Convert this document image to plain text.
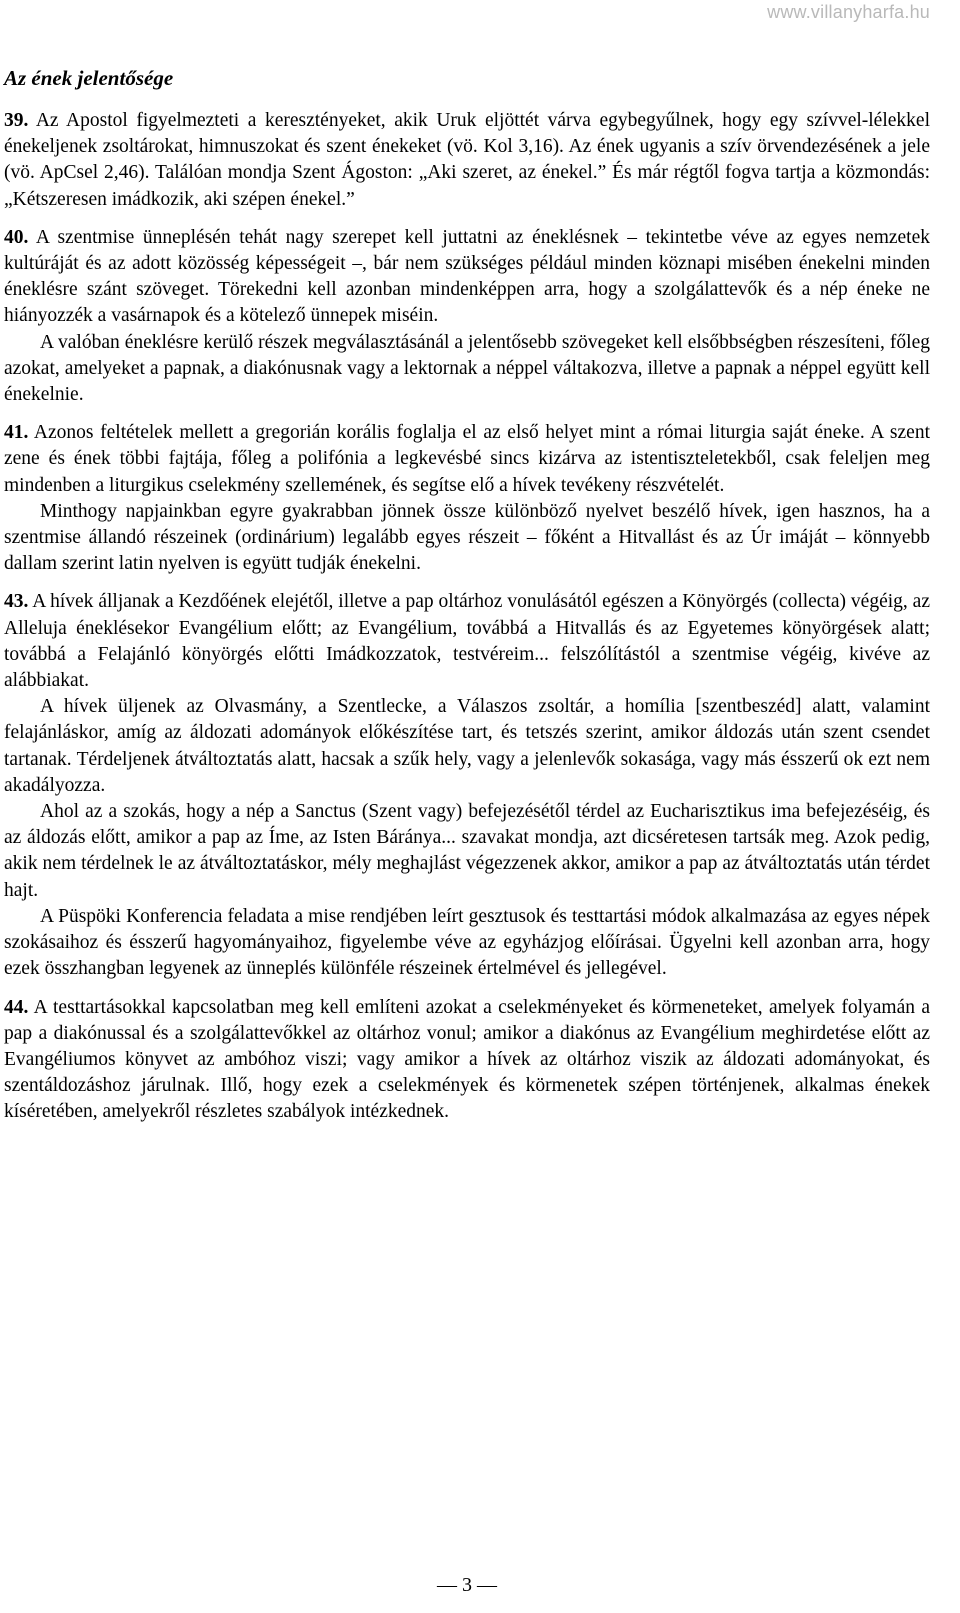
www.villanyharfa.hu
Az ének jelentősége

39. Az Apostol figyelmezteti a keresztényeket, akik Uruk eljöttét várva egybegyűlnek, hogy egy szívvel-lélekkel énekeljenek zsoltárokat, himnuszokat és szent énekeket (vö. Kol 3,16). Az ének ugyanis a szív örvendezésének a jele (vö. ApCsel 2,46). Találóan mondja Szent Ágoston: „Aki szeret, az énekel.” És már régtől fogva tartja a közmondás: „Kétszeresen imádkozik, aki szépen énekel.”

40. A szentmise ünneplésén tehát nagy szerepet kell juttatni az éneklésnek – tekintetbe véve az egyes nemzetek kultúráját és az adott közösség képességeit –, bár nem szükséges például minden köznapi misében énekelni minden éneklésre szánt szöveget. Törekedni kell azonban mindenképpen arra, hogy a szolgálattevők és a nép éneke ne hiányozzék a vasárnapok és a kötelező ünnepek miséin.

A valóban éneklésre kerülő részek megválasztásánál a jelentősebb szövegeket kell elsőbbségben részesíteni, főleg azokat, amelyeket a papnak, a diakónusnak vagy a lektornak a néppel váltakozva, illetve a papnak a néppel együtt kell énekelnie.

41. Azonos feltételek mellett a gregorián korális foglalja el az első helyet mint a római liturgia saját éneke. A szent zene és ének többi fajtája, főleg a polifónia a legkevésbé sincs kizárva az istentiszteletekből, csak feleljen meg mindenben a liturgikus cselekmény szellemének, és segítse elő a hívek tevékeny részvételét.

Minthogy napjainkban egyre gyakrabban jönnek össze különböző nyelvet beszélő hívek, igen hasznos, ha a szentmise állandó részeinek (ordinárium) legalább egyes részeit – főként a Hitvallást és az Úr imáját – könnyebb dallam szerint latin nyelven is együtt tudják énekelni.

43. A hívek álljanak a Kezdőének elejétől, illetve a pap oltárhoz vonulásától egészen a Könyörgés (collecta) végéig, az Alleluja éneklésekor Evangélium előtt; az Evangélium, továbbá a Hitvallás és az Egyetemes könyörgések alatt; továbbá a Felajánló könyörgés előtti Imádkozzatok, testvéreim... felszólítástól a szentmise végéig, kivéve az alábbiakat.

A hívek üljenek az Olvasmány, a Szentlecke, a Válaszos zsoltár, a homília [szentbeszéd] alatt, valamint felajánláskor, amíg az áldozati adományok előkészítése tart, és tetszés szerint, amikor áldozás után szent csendet tartanak. Térdeljenek átváltoztatás alatt, hacsak a szűk hely, vagy a jelenlevők sokasága, vagy más ésszerű ok ezt nem akadályozza.

Ahol az a szokás, hogy a nép a Sanctus (Szent vagy) befejezésétől térdel az Eucharisztikus ima befejezéséig, és az áldozás előtt, amikor a pap az Íme, az Isten Báránya... szavakat mondja, azt dicséretesen tartsák meg. Azok pedig, akik nem térdelnek le az átváltoztatáskor, mély meghajlást végezzenek akkor, amikor a pap az átváltoztatás után térdet hajt.

A Püspöki Konferencia feladata a mise rendjében leírt gesztusok és testtartási módok alkalmazása az egyes népek szokásaihoz és ésszerű hagyományaihoz, figyelembe véve az egyházjog előírásai. Ügyelni kell azonban arra, hogy ezek összhangban legyenek az ünneplés különféle részeinek értelmével és jellegével.

44. A testtartásokkal kapcsolatban meg kell említeni azokat a cselekményeket és körmeneteket, amelyek folyamán a pap a diakónussal és a szolgálattevőkkel az oltárhoz vonul; amikor a diakónus az Evangélium meghirdetése előtt az Evangéliumos könyvet az ambóhoz viszi; vagy amikor a hívek az oltárhoz viszik az áldozati adományokat, és szentáldozáshoz járulnak. Illő, hogy ezek a cselekmények és körmenetek szépen történjenek, alkalmas énekek kíséretében, amelyekről részletes szabályok intézkednek.

— 3 —
